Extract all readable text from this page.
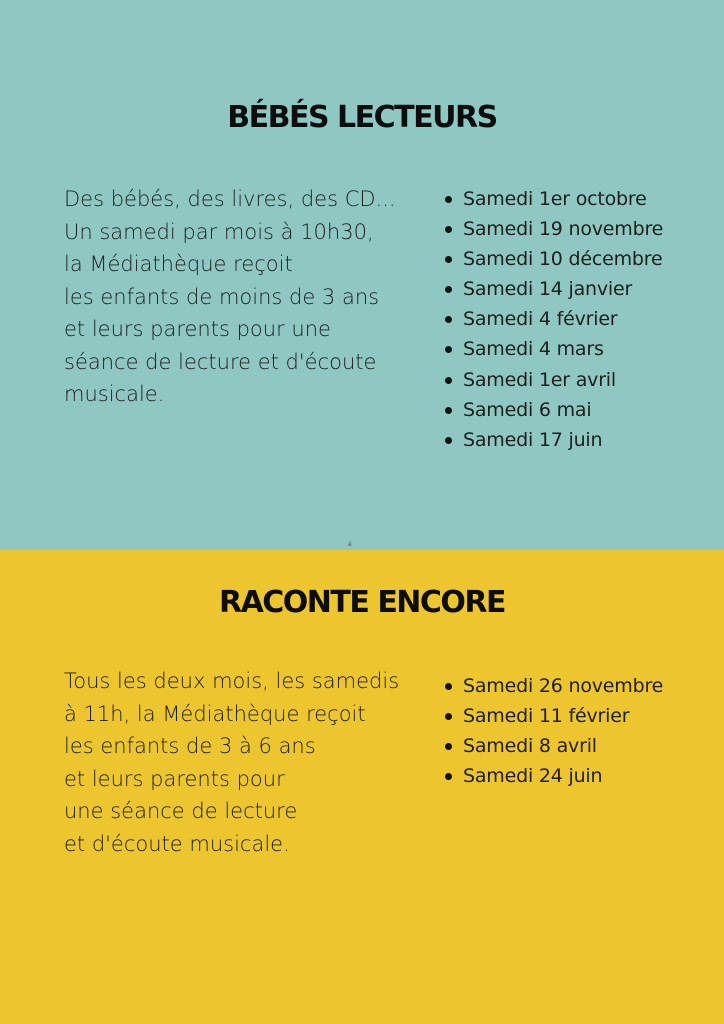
BÉBÉS LECTEURS

Des bébés, des livres, des CD...
Un samedi par mois à 10h30,
la Médiathèque reçoit
les enfants de moins de 3 ans
et leurs parents pour une
séance de lecture et d'écoute
musicale.

Samedi 1er octobre
Samedi 19 novembre
Samedi 10 décembre
Samedi 14 janvier
Samedi 4 février
Samedi 4 mars
Samedi 1er avril
Samedi 6 mai
Samedi 17 juin
é
RACONTE ENCORE

Tous les deux mois, les samedis
à 11h, la Médiathèque reçoit
les enfants de 3 à 6 ans
et leurs parents pour
une séance de lecture
et d'écoute musicale.

Samedi 26 novembre
Samedi 11 février
Samedi 8 avril
Samedi 24 juin
